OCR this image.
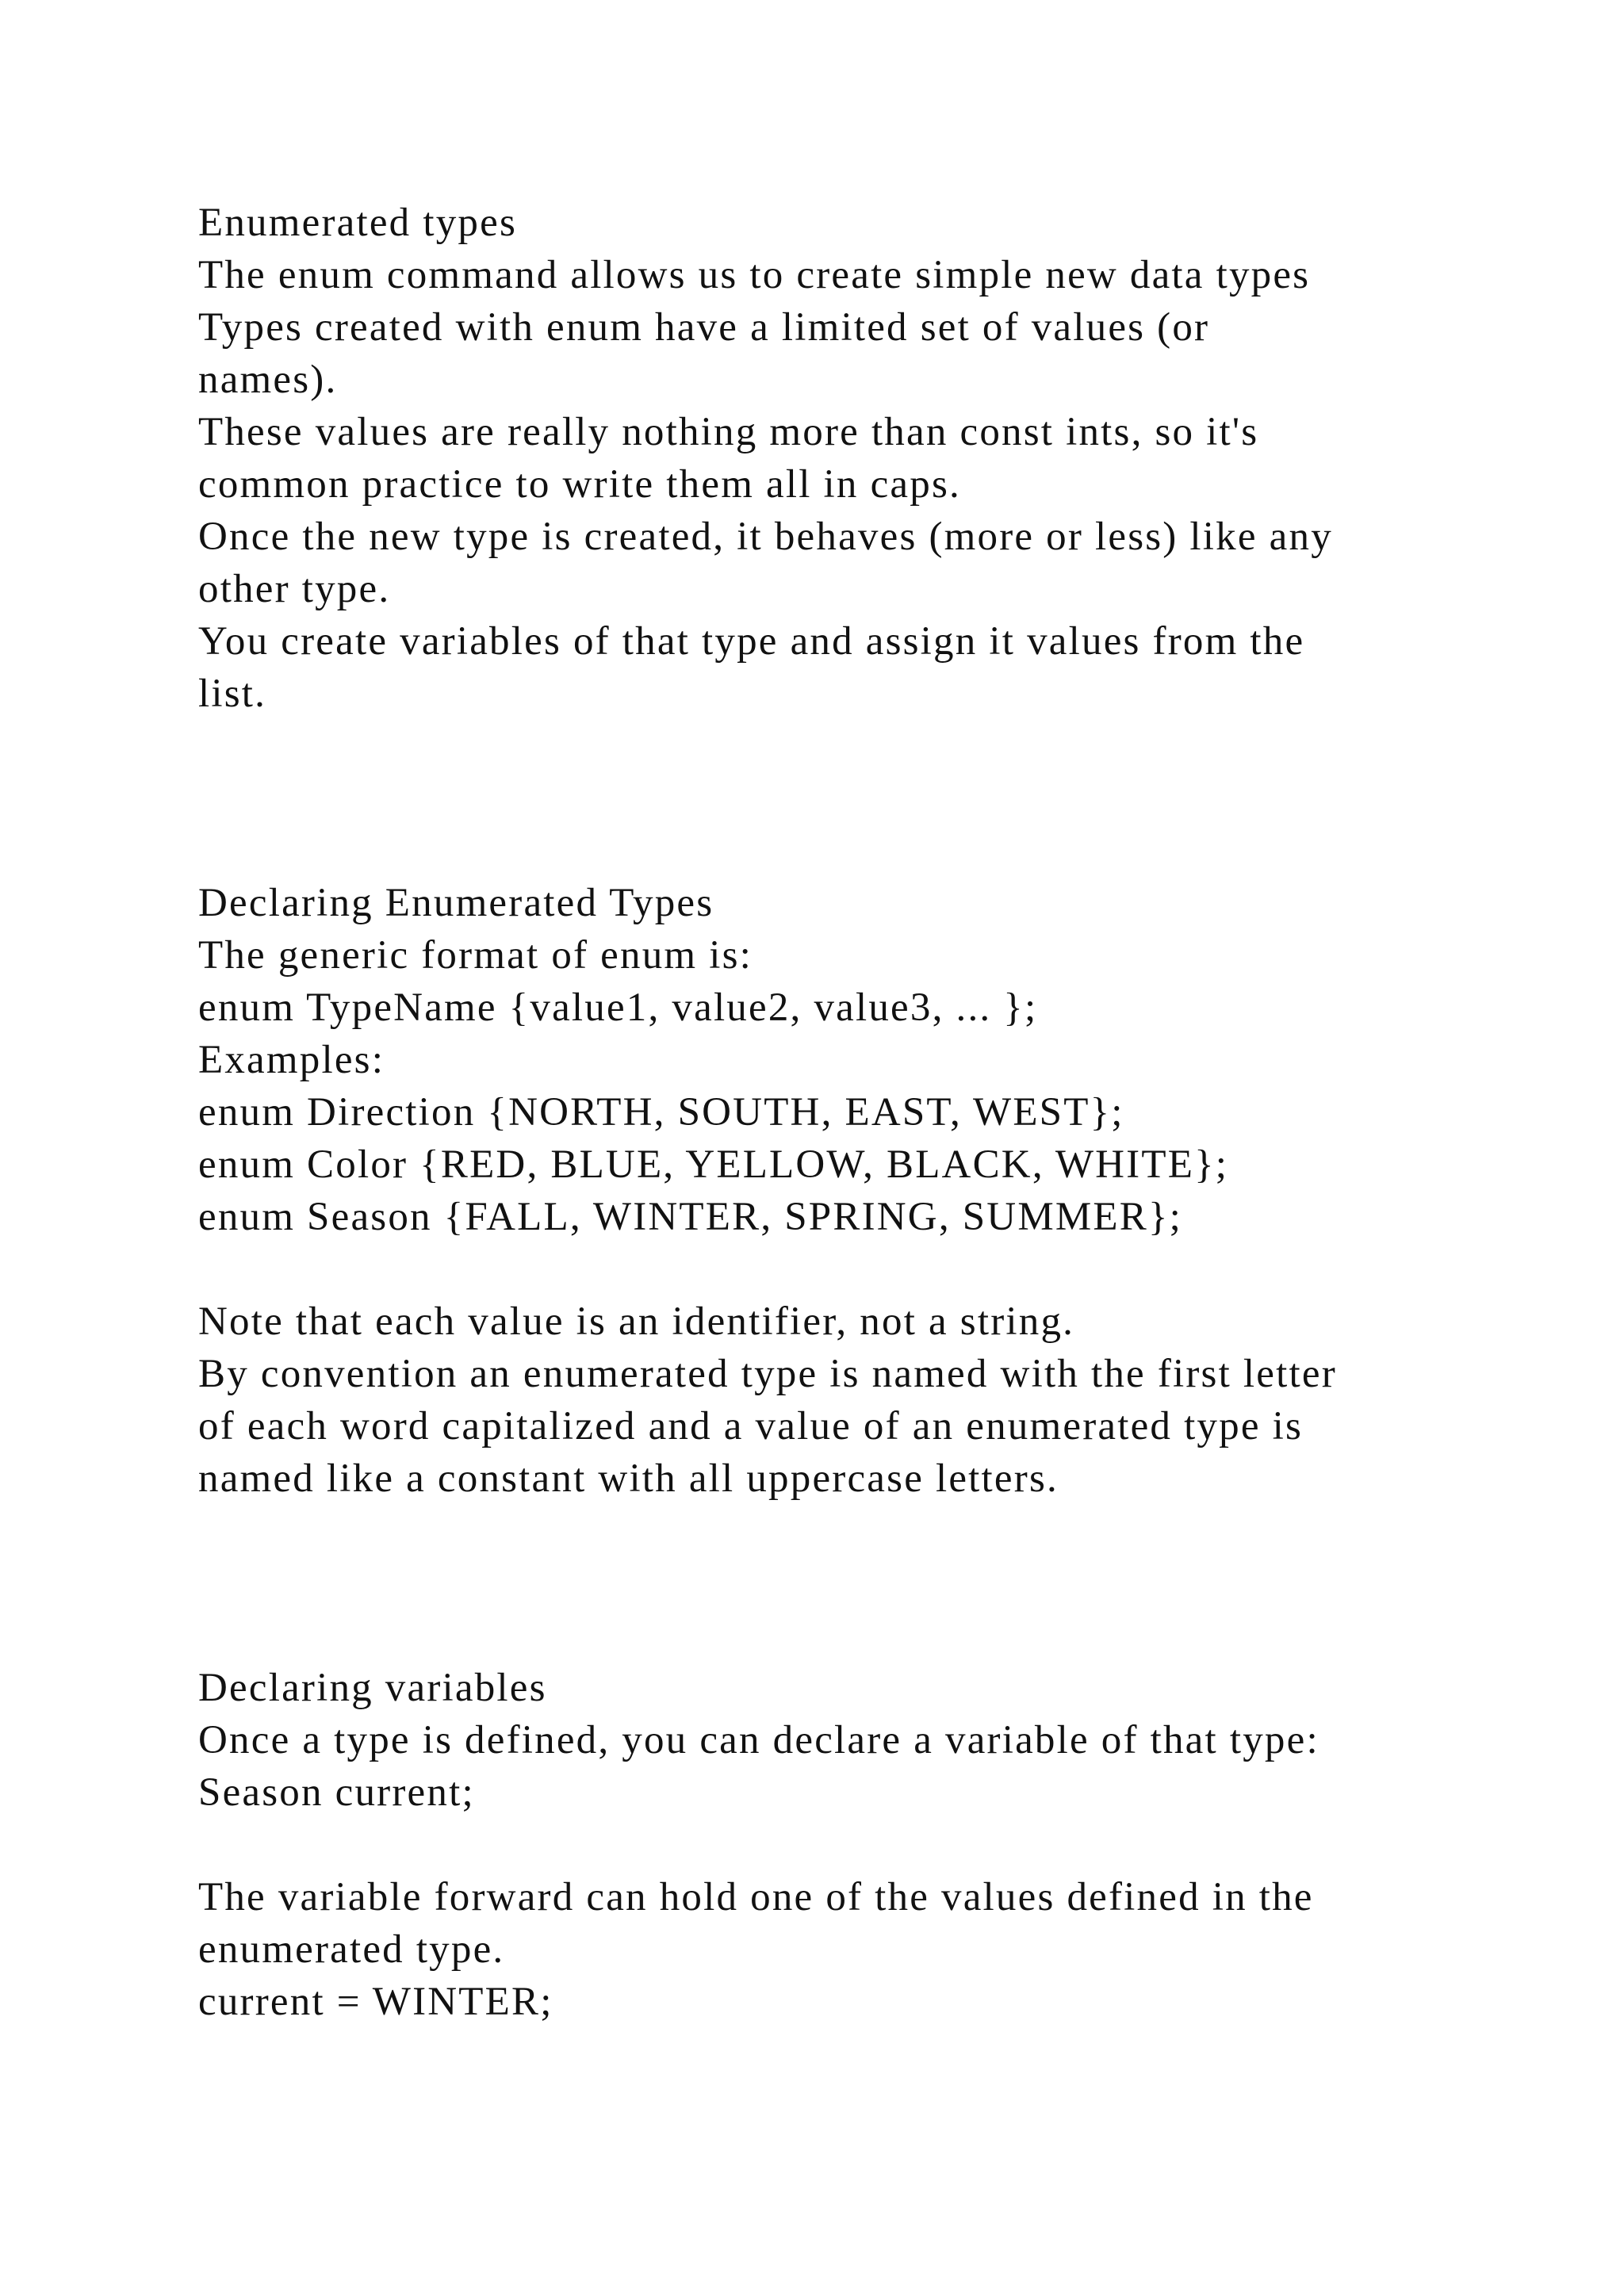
Enumerated types
The enum command allows us to create simple new data types
Types created with enum have a limited set of values (or
names).
These values are really nothing more than const ints, so it's
common practice to write them all in caps.
Once the new type is created, it behaves (more or less) like any
other type.
You create variables of that type and assign it values from the
list.
Declaring Enumerated Types
The generic format of enum is:
enum TypeName {value1, value2, value3, ... };
Examples:
enum Direction {NORTH, SOUTH, EAST, WEST};
enum Color {RED, BLUE, YELLOW, BLACK, WHITE};
enum Season {FALL, WINTER, SPRING, SUMMER};
Note that each value is an identifier, not a string.
By convention an enumerated type is named with the first letter
of each word capitalized and a value of an enumerated type is
named like a constant with all uppercase letters.
Declaring variables
Once a type is defined, you can declare a variable of that type:
Season current;
The variable forward can hold one of the values defined in the
enumerated type.
current = WINTER;
